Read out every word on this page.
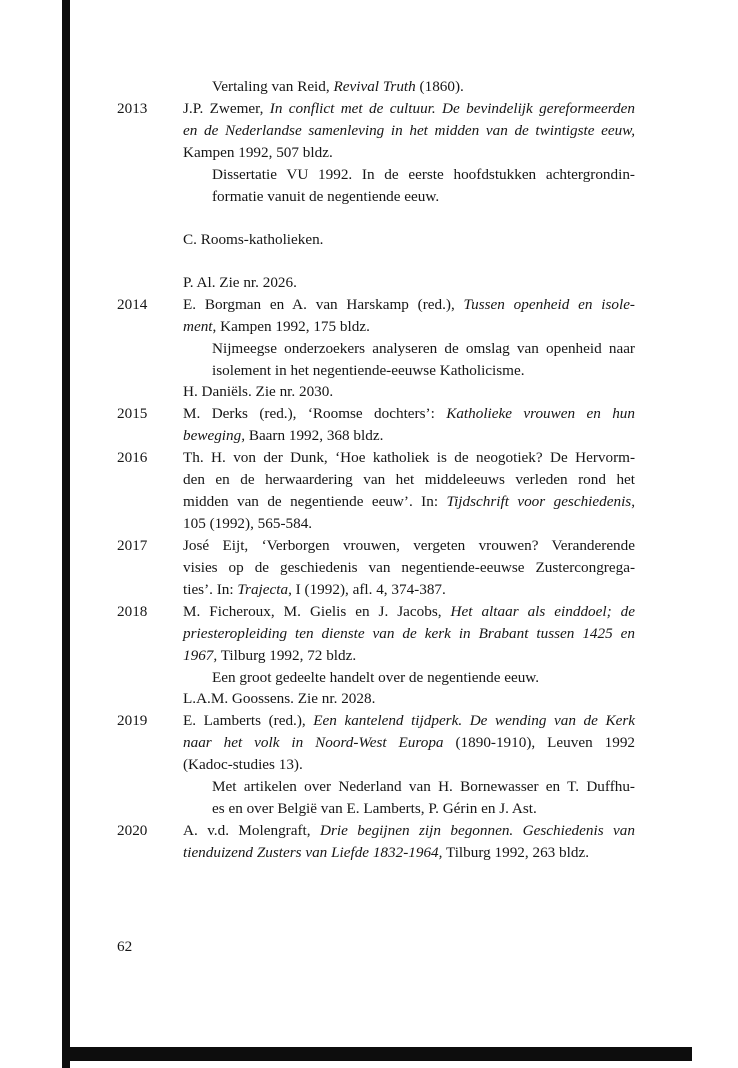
Vertaling van Reid, Revival Truth (1860).
2013 J.P. Zwemer, In conflict met de cultuur. De bevindelijk gereformeerden
en de Nederlandse samenleving in het midden van de twintigste eeuw,
Kampen 1992, 507 bldz.
Dissertatie VU 1992. In de eerste hoofdstukken achtergrondin-
formatie vanuit de negentiende eeuw.
C. Rooms-katholieken.
P. Al. Zie nr. 2026.
2014 E. Borgman en A. van Harskamp (red.), Tussen openheid en isole-
ment, Kampen 1992, 175 bldz.
Nijmeegse onderzoekers analyseren de omslag van openheid naar
isolement in het negentiende-eeuwse Katholicisme.
H. Daniëls. Zie nr. 2030.
2015 M. Derks (red.), ‘Roomse dochters’: Katholieke vrouwen en hun
beweging, Baarn 1992, 368 bldz.
2016 Th. H. von der Dunk, ‘Hoe katholiek is de neogotiek? De Hervorm-
den en de herwaardering van het middeleeuws verleden rond het
midden van de negentiende eeuw’. In: Tijdschrift voor geschiedenis,
105 (1992), 565-584.
2017 José Eijt, ‘Verborgen vrouwen, vergeten vrouwen? Veranderende
visies op de geschiedenis van negentiende-eeuwse Zustercongrega-
ties’. In: Trajecta, I (1992), afl. 4, 374-387.
2018 M. Ficheroux, M. Gielis en J. Jacobs, Het altaar als einddoel; de
priesteropleiding ten dienste van de kerk in Brabant tussen 1425 en
1967, Tilburg 1992, 72 bldz.
Een groot gedeelte handelt over de negentiende eeuw.
L.A.M. Goossens. Zie nr. 2028.
2019 E. Lamberts (red.), Een kantelend tijdperk. De wending van de Kerk
naar het volk in Noord-West Europa (1890-1910), Leuven 1992
(Kadoc-studies 13).
Met artikelen over Nederland van H. Bornewasser en T. Duffhu-
es en over België van E. Lamberts, P. Gérin en J. Ast.
2020 A. v.d. Molengraft, Drie begijnen zijn begonnen. Geschiedenis van
tienduizend Zusters van Liefde 1832-1964, Tilburg 1992, 263 bldz.
62
